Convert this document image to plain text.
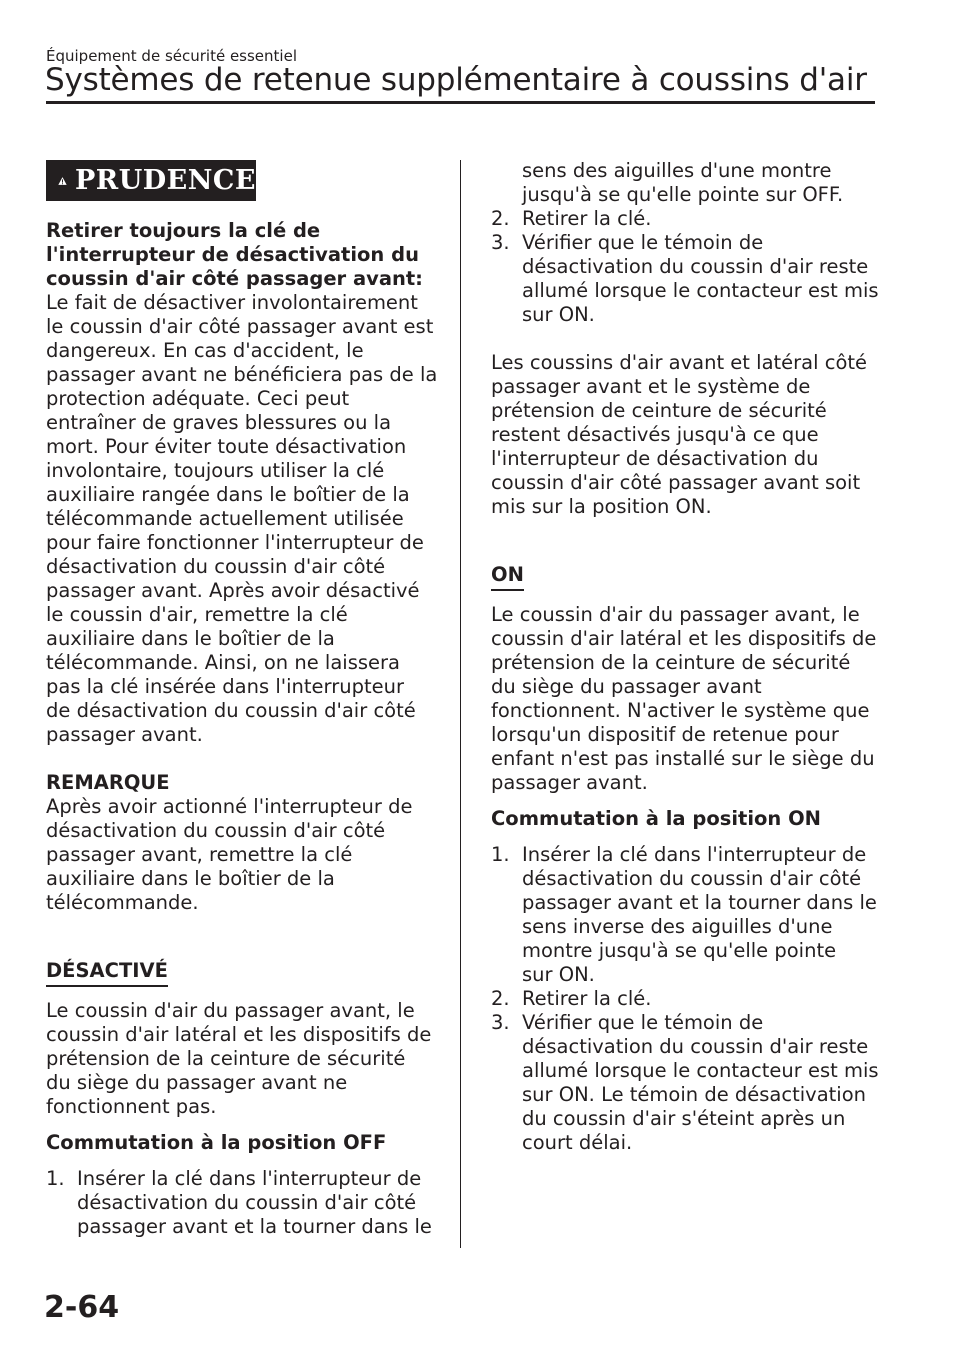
Équipement de sécurité essentiel
Systèmes de retenue supplémentaire à coussins d'air
PRUDENCE
Retirer toujours la clé de
l'interrupteur de désactivation du
coussin d'air côté passager avant:
Le fait de désactiver involontairement
le coussin d'air côté passager avant est
dangereux. En cas d'accident, le
passager avant ne bénéficiera pas de la
protection adéquate. Ceci peut
entraîner de graves blessures ou la
mort. Pour éviter toute désactivation
involontaire, toujours utiliser la clé
auxiliaire rangée dans le boîtier de la
télécommande actuellement utilisée
pour faire fonctionner l'interrupteur de
désactivation du coussin d'air côté
passager avant. Après avoir désactivé
le coussin d'air, remettre la clé
auxiliaire dans le boîtier de la
télécommande. Ainsi, on ne laissera
pas la clé insérée dans l'interrupteur
de désactivation du coussin d'air côté
passager avant.
REMARQUE
Après avoir actionné l'interrupteur de
désactivation du coussin d'air côté
passager avant, remettre la clé
auxiliaire dans le boîtier de la
télécommande.
DÉSACTIVÉ
Le coussin d'air du passager avant, le
coussin d'air latéral et les dispositifs de
prétension de la ceinture de sécurité
du siège du passager avant ne
fonctionnent pas.
Commutation à la position OFF
1. Insérer la clé dans l'interrupteur de
désactivation du coussin d'air côté
passager avant et la tourner dans le
sens des aiguilles d'une montre
jusqu'à se qu'elle pointe sur OFF.
2. Retirer la clé.
3. Vérifier que le témoin de
désactivation du coussin d'air reste
allumé lorsque le contacteur est mis
sur ON.
Les coussins d'air avant et latéral côté
passager avant et le système de
prétension de ceinture de sécurité
restent désactivés jusqu'à ce que
l'interrupteur de désactivation du
coussin d'air côté passager avant soit
mis sur la position ON.
ON
Le coussin d'air du passager avant, le
coussin d'air latéral et les dispositifs de
prétension de la ceinture de sécurité
du siège du passager avant
fonctionnent. N'activer le système que
lorsqu'un dispositif de retenue pour
enfant n'est pas installé sur le siège du
passager avant.
Commutation à la position ON
1. Insérer la clé dans l'interrupteur de
désactivation du coussin d'air côté
passager avant et la tourner dans le
sens inverse des aiguilles d'une
montre jusqu'à se qu'elle pointe
sur ON.
2. Retirer la clé.
3. Vérifier que le témoin de
désactivation du coussin d'air reste
allumé lorsque le contacteur est mis
sur ON. Le témoin de désactivation
du coussin d'air s'éteint après un
court délai.
2-64
